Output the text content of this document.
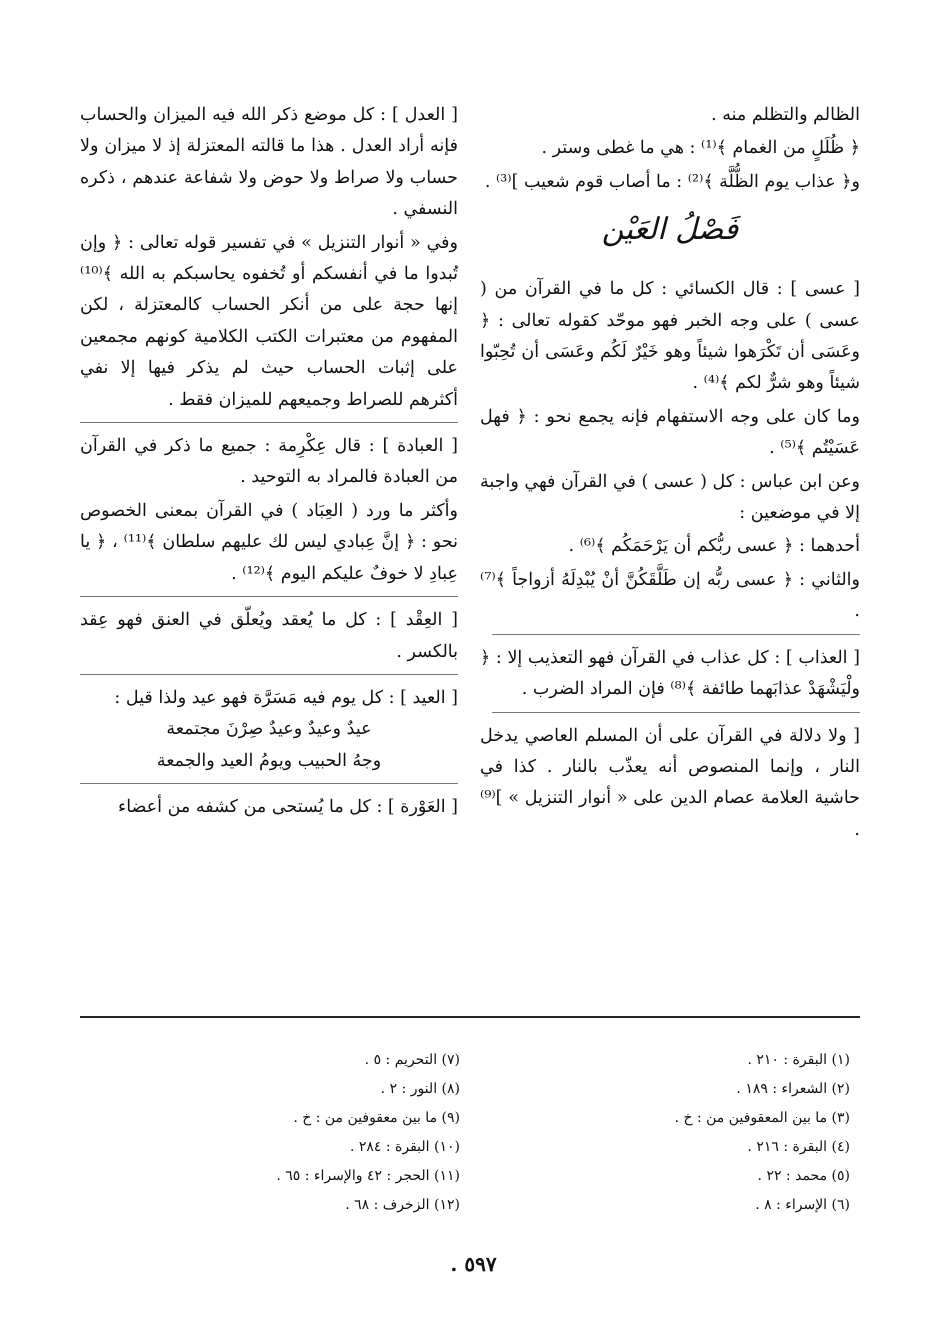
الظالم والتظلم منه .

﴿ ظُلَلٍ من الغمام ﴾⁽¹⁾ : هي ما غطى وستر .

و﴿ عذاب يوم الظُّلَّة ﴾⁽²⁾ : ما أصاب قوم شعيب ]⁽³⁾ .

فَصْلُ العَيْن

[ عسى ] : قال الكسائي : كل ما في القرآن من ( عسى ) على وجه الخبر فهو موحّد كقوله تعالى : ﴿ وعَسَى أن تَكْرَهوا شيئاً وهو خَيْرٌ لَكُم وعَسَى أن تُحِبّوا شيئاً وهو شرٌّ لكم ﴾⁽⁴⁾ .

وما كان على وجه الاستفهام فإنه يجمع نحو : ﴿ فهل عَسَيْتُم ﴾⁽⁵⁾ .

وعن ابن عباس : كل ( عسى ) في القرآن فهي واجبة إلا في موضعين :

أحدهما : ﴿ عسى ربُّكم أن يَرْحَمَكُم ﴾⁽⁶⁾ .

والثاني : ﴿ عسى ربُّه إن طَلَّقَكُنَّ أنْ يُبْدِلَهُ أزواجاً ﴾⁽⁷⁾ .

[ العذاب ] : كل عذاب في القرآن فهو التعذيب إلا : ﴿ ولْيَشْهَدْ عذابَهما طائفة ﴾⁽⁸⁾ فإن المراد الضرب .

[ ولا دلالة في القرآن على أن المسلم العاصي يدخل النار ، وإنما المنصوص أنه يعذّب بالنار . كذا في حاشية العلامة عصام الدين على « أنوار التنزيل » ]⁽⁹⁾ .

[ العدل ] : كل موضع ذكر الله فيه الميزان والحساب فإنه أراد العدل . هذا ما قالته المعتزلة إذ لا ميزان ولا حساب ولا صراط ولا حوض ولا شفاعة عندهم ، ذكره النسفي .

وفي « أنوار التنزيل » في تفسير قوله تعالى : ﴿ وإن تُبدوا ما في أنفسكم أو تُخفوه يحاسبكم به الله ﴾⁽¹⁰⁾ إنها حجة على من أنكر الحساب كالمعتزلة ، لكن المفهوم من معتبرات الكتب الكلامية كونهم مجمعين على إثبات الحساب حيث لم يذكر فيها إلا نفي أكثرهم للصراط وجميعهم للميزان فقط .

[ العبادة ] : قال عِكْرِمة : جميع ما ذكر في القرآن من العبادة فالمراد به التوحيد .

وأكثر ما ورد ( العِبَاد ) في القرآن بمعنى الخصوص نحو : ﴿ إنَّ عِبادي ليس لك عليهم سلطان ﴾⁽¹¹⁾ ، ﴿ يا عِبادِ لا خوفٌ عليكم اليوم ﴾⁽¹²⁾ .

[ العِقْد ] : كل ما يُعقد ويُعلّق في العنق فهو عِقد بالكسر .

[ العيد ] : كل يوم فيه مَسَرَّة فهو عيد ولذا قيل :

عيدٌ وعيدٌ وعيدٌ صِرْنَ مجتمعة
وجهُ الحبيب ويومُ العيد والجمعة

[ العَوْرة ] : كل ما يُستحى من كشفه من أعضاء

(١) البقرة : ٢١٠ .
(٢) الشعراء : ١٨٩ .
(٣) ما بين المعقوفين من : خ .
(٤) البقرة : ٢١٦ .
(٥) محمد : ٢٢ .
(٦) الإسراء : ٨ .
(٧) التحريم : ٥ .
(٨) النور : ٢ .
(٩) ما بين معقوفين من : خ .
(١٠) البقرة : ٢٨٤ .
(١١) الحجر : ٤٢ والإسراء : ٦٥ .
(١٢) الزخرف : ٦٨ .
٥٩٧ .
